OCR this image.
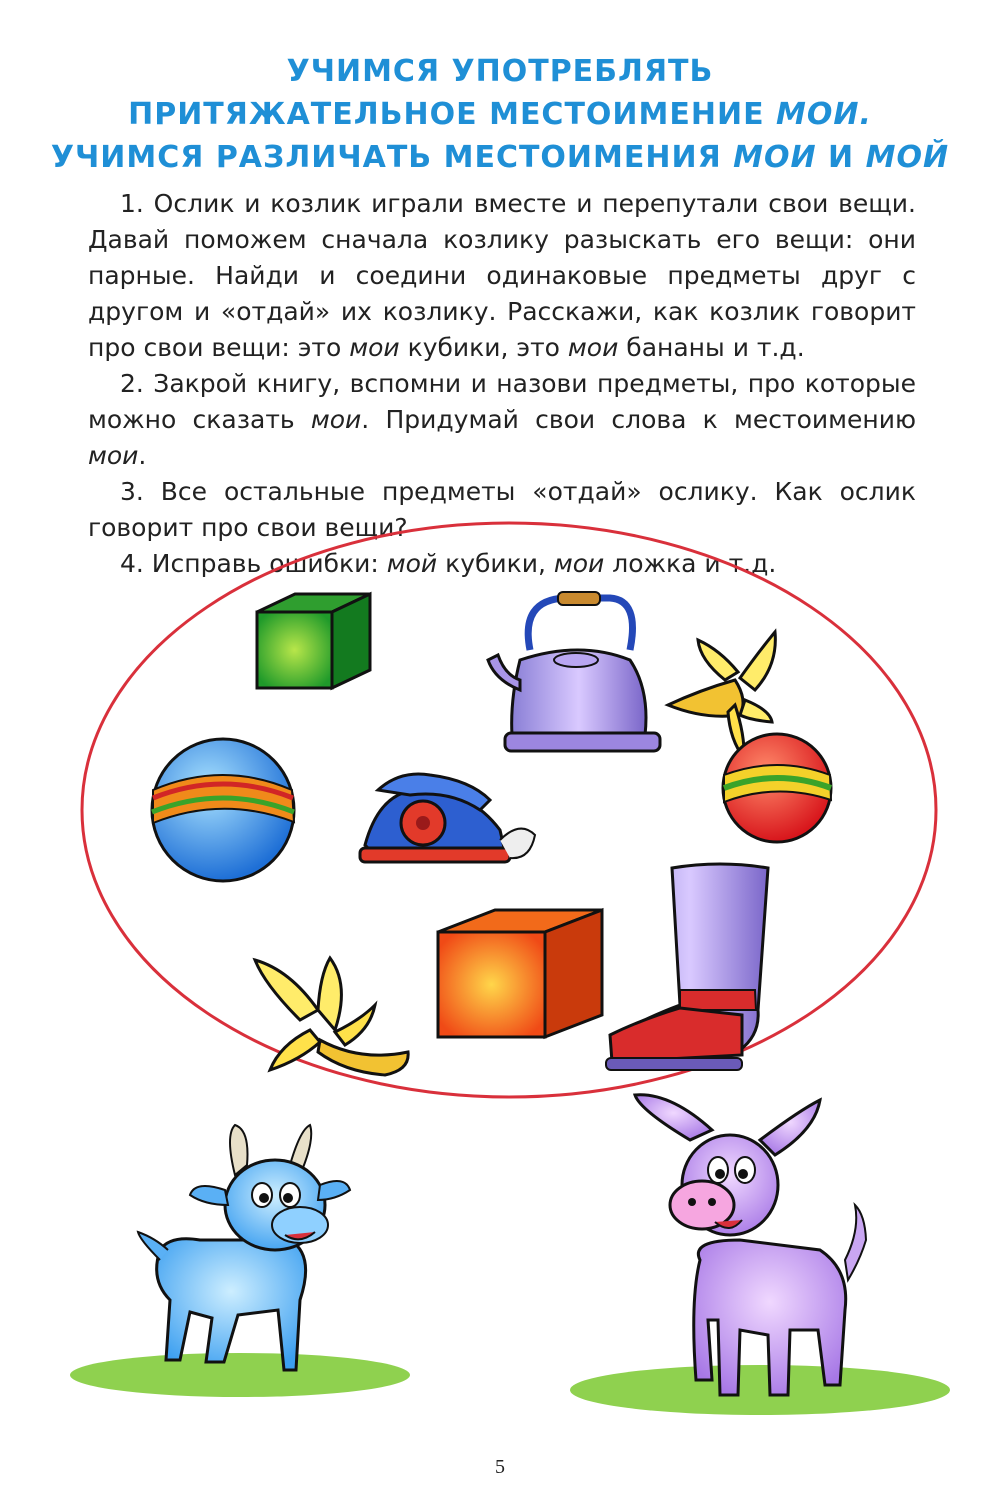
УЧИМСЯ УПОТРЕБЛЯТЬ
ПРИТЯЖАТЕЛЬНОЕ МЕСТОИМЕНИЕ МОИ.
УЧИМСЯ РАЗЛИЧАТЬ МЕСТОИМЕНИЯ МОИ И МОЙ

1. Ослик и козлик играли вместе и перепутали свои вещи. Давай поможем сначала козлику разыскать его вещи: они парные. Найди и соедини одинаковые предметы друг с другом и «отдай» их козлику. Расскажи, как козлик говорит про свои вещи: это мои кубики, это мои бананы и т.д.

2. Закрой книгу, вспомни и назови предметы, про которые можно сказать мои. Придумай свои слова к местоимению мои.

3. Все остальные предметы «отдай» ослику. Как ослик говорит про свои вещи?

4. Исправь ошибки: мой кубики, мои ложка и т.д.

5
